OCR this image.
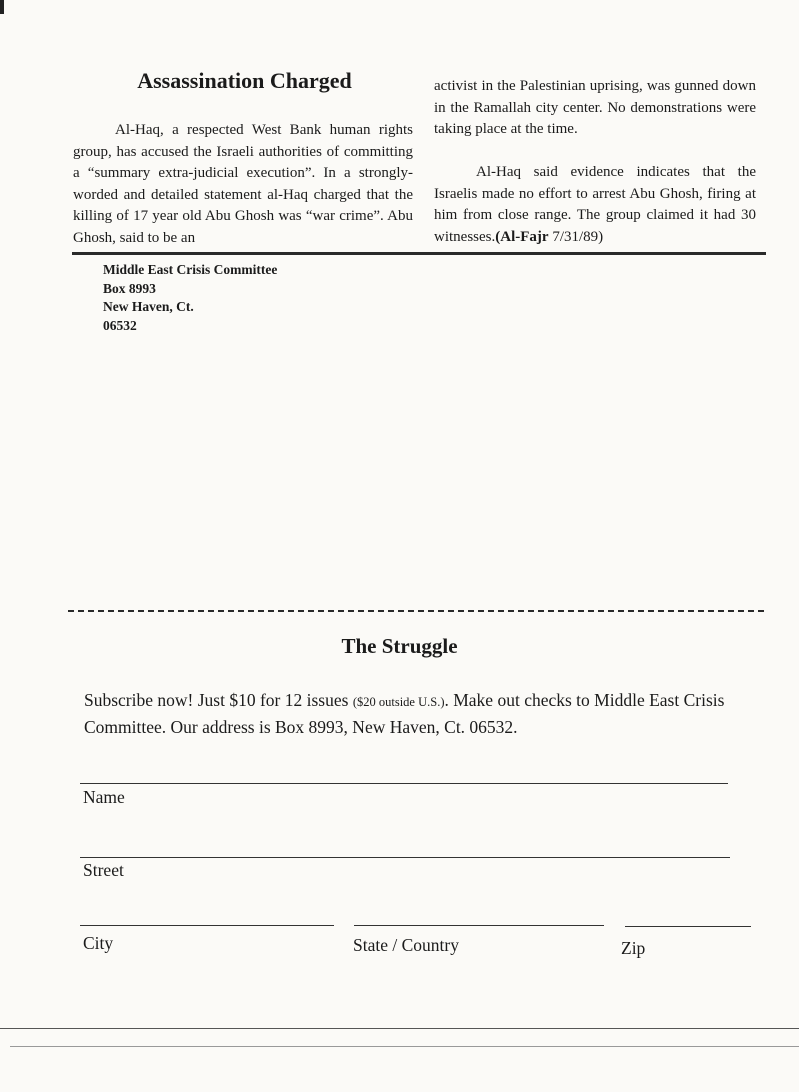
Assassination Charged

Al-Haq, a respected West Bank human rights group, has accused the Israeli authorities of committing a “summary extra-judicial execution”. In a strongly-worded and detailed statement al-Haq charged that the killing of 17 year old Abu Ghosh was “war crime”. Abu Ghosh, said to be an

activist in the Palestinian uprising, was gunned down in the Ramallah city center. No demonstrations were taking place at the time.

Al-Haq said evidence indicates that the Israelis made no effort to arrest Abu Ghosh, firing at him from close range. The group claimed it had 30 witnesses.(Al-Fajr 7/31/89)

Middle East Crisis Committee
Box 8993
New Haven, Ct.
06532
The Struggle

Subscribe now! Just $10 for 12 issues ($20 outside U.S.). Make out checks to Middle East Crisis Committee. Our address is Box 8993, New Haven, Ct. 06532.

Name
Street
City	State / Country	Zip
